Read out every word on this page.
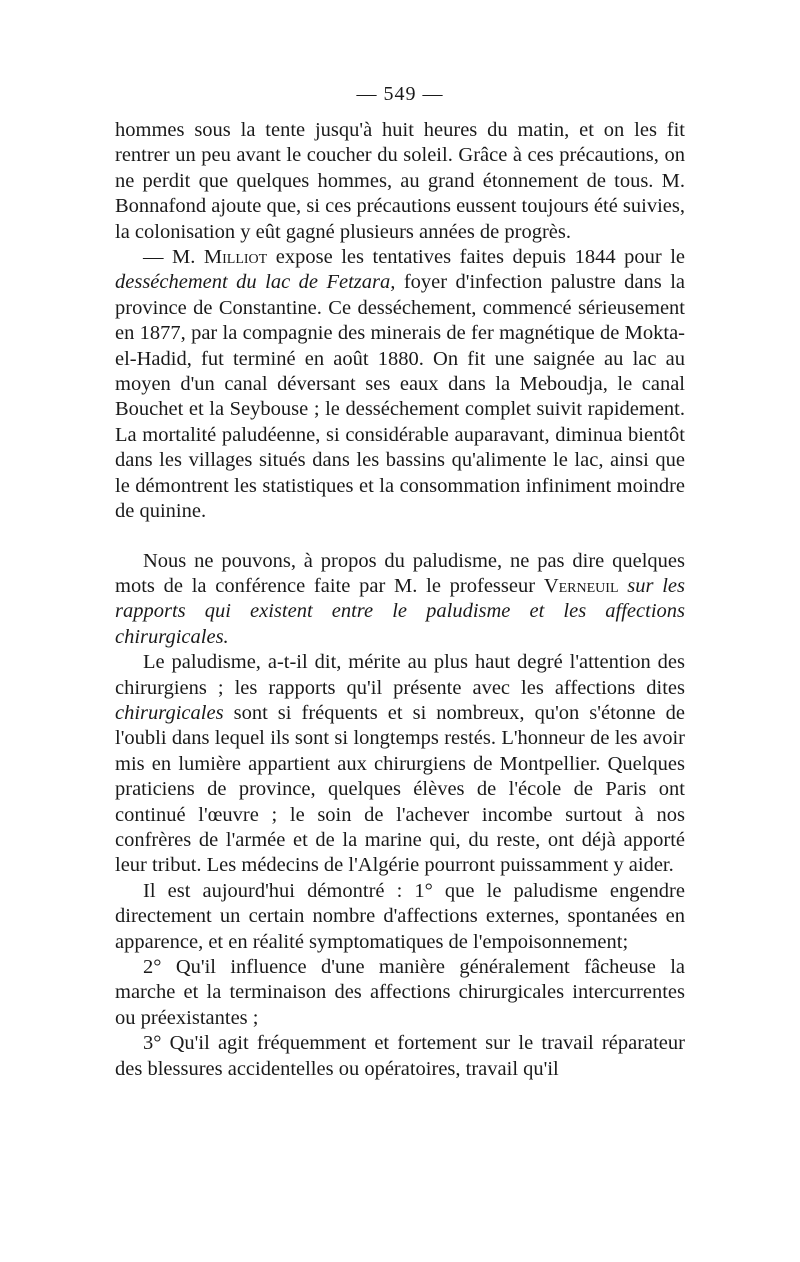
— 549 —

hommes sous la tente jusqu'à huit heures du matin, et on les fit rentrer un peu avant le coucher du soleil. Grâce à ces précautions, on ne perdit que quelques hommes, au grand étonnement de tous. M. Bonnafond ajoute que, si ces précautions eussent toujours été suivies, la colonisation y eût gagné plusieurs années de progrès.

— M. Milliot expose les tentatives faites depuis 1844 pour le desséchement du lac de Fetzara, foyer d'infection palustre dans la province de Constantine. Ce desséchement, commencé sérieusement en 1877, par la compagnie des minerais de fer magnétique de Mokta-el-Hadid, fut terminé en août 1880. On fit une saignée au lac au moyen d'un canal déversant ses eaux dans la Meboudja, le canal Bouchet et la Seybouse ; le desséchement complet suivit rapidement. La mortalité paludéenne, si considérable auparavant, diminua bientôt dans les villages situés dans les bassins qu'alimente le lac, ainsi que le démontrent les statistiques et la consommation infiniment moindre de quinine.

Nous ne pouvons, à propos du paludisme, ne pas dire quelques mots de la conférence faite par M. le professeur Verneuil sur les rapports qui existent entre le paludisme et les affections chirurgicales.

Le paludisme, a-t-il dit, mérite au plus haut degré l'attention des chirurgiens ; les rapports qu'il présente avec les affections dites chirurgicales sont si fréquents et si nombreux, qu'on s'étonne de l'oubli dans lequel ils sont si longtemps restés. L'honneur de les avoir mis en lumière appartient aux chirurgiens de Montpellier. Quelques praticiens de province, quelques élèves de l'école de Paris ont continué l'œuvre ; le soin de l'achever incombe surtout à nos confrères de l'armée et de la marine qui, du reste, ont déjà apporté leur tribut. Les médecins de l'Algérie pourront puissamment y aider.

Il est aujourd'hui démontré : 1° que le paludisme engendre directement un certain nombre d'affections externes, spontanées en apparence, et en réalité symptomatiques de l'empoisonnement;

2° Qu'il influence d'une manière généralement fâcheuse la marche et la terminaison des affections chirurgicales intercurrentes ou préexistantes ;

3° Qu'il agit fréquemment et fortement sur le travail réparateur des blessures accidentelles ou opératoires, travail qu'il
